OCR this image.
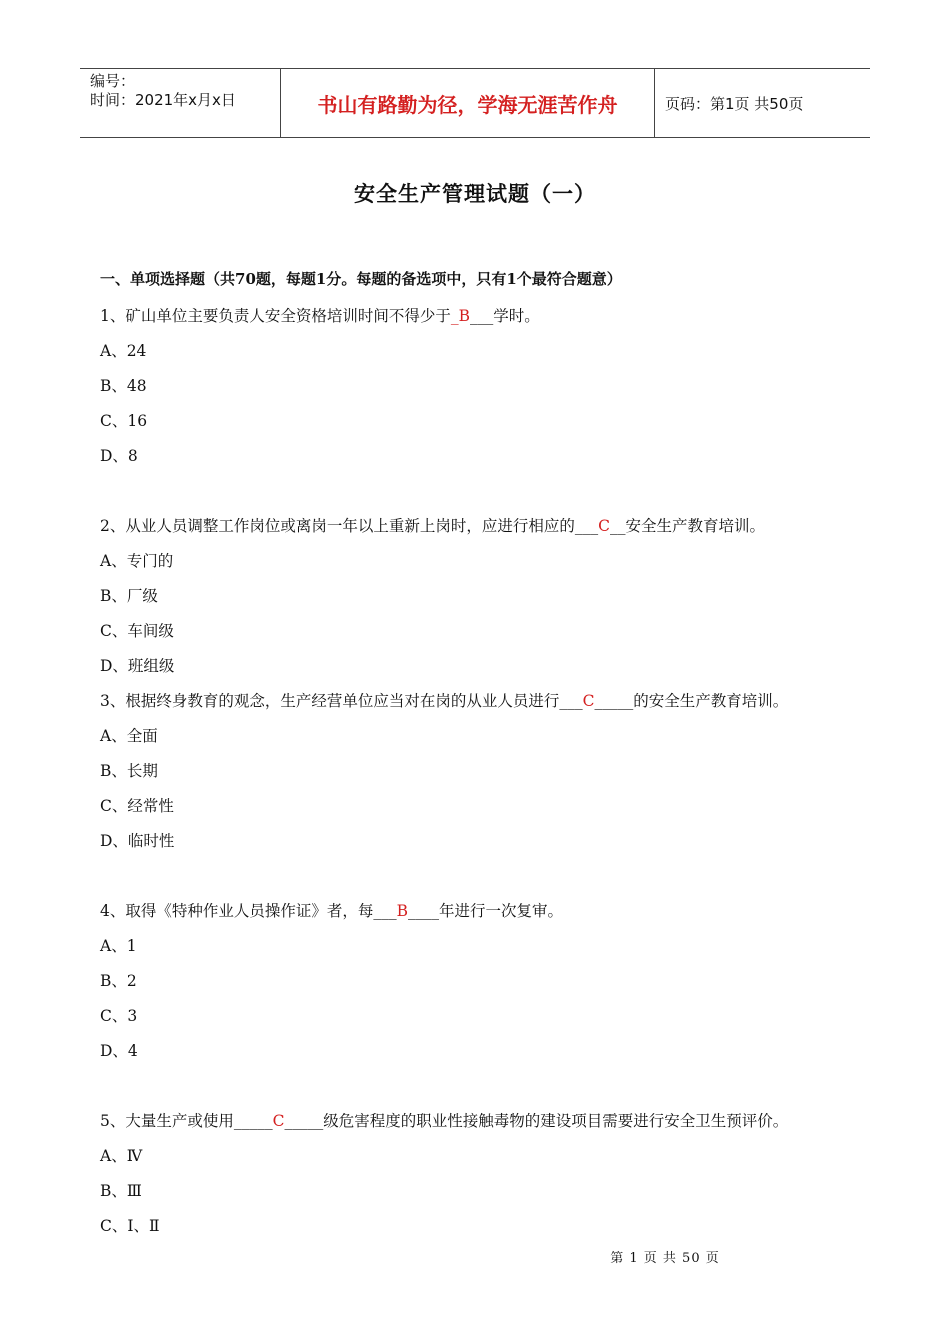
编号：
时间：2021年x月x日	书山有路勤为径，学海无涯苦作舟	页码：第1页 共50页
安全生产管理试题（一）
一、单项选择题（共70题，每题1分。每题的备选项中，只有1个最符合题意）
1、矿山单位主要负责人安全资格培训时间不得少于_B___学时。
A、24
B、48
C、16
D、8
2、从业人员调整工作岗位或离岗一年以上重新上岗时，应进行相应的___C__安全生产教育培训。
A、专门的
B、厂级
C、车间级
D、班组级
3、根据终身教育的观念，生产经营单位应当对在岗的从业人员进行___C_____的安全生产教育培训。
A、全面
B、长期
C、经常性
D、临时性
4、取得《特种作业人员操作证》者，每___B____年进行一次复审。
A、1
B、2
C、3
D、4
5、大量生产或使用_____C_____级危害程度的职业性接触毒物的建设项目需要进行安全卫生预评价。
A、Ⅳ
B、Ⅲ
C、Ⅰ、Ⅱ
第 1 页 共 50 页
